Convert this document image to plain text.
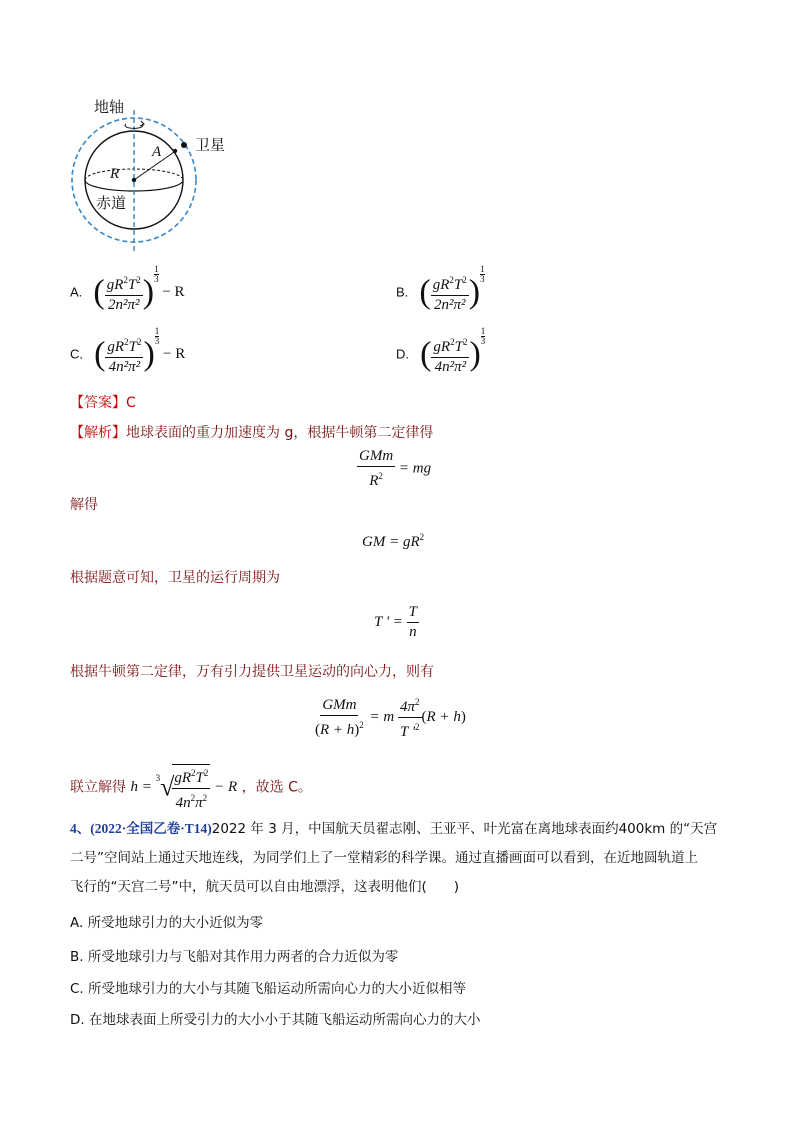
地轴
卫星
A
R
赤道
A. ( $\frac{gR^2T^2}{\text{2n²π²}}$ ) $\frac{1}{3}$
− R	B. ( $\frac{gR^2T^2}{\text{2n²π²}}$ ) $\frac{1}{3}$
C. ( $\frac{gR^2T^2}{\text{4n²π²}}$ ) $\frac{1}{3}$
− R	D. ( $\frac{gR^2T^2}{\text{4n²π²}}$ ) $\frac{1}{3}$
【答案】C
【解析】地球表面的重力加速度为 g，根据牛顿第二定律得
$\frac{\text{GMm}}{R^2}$ = mg
解得
GM = $gR^2$
根据题意可知，卫星的运行周期为
T ' = $\frac{T}{n}$
根据牛顿第二定律，万有引力提供卫星运动的向心力，则有
$\frac{\text{GMm}}{(R + h)^2} = m \frac{4\pi^2}{T '^2} (R + h)$
联立解得 h = $^3$√
$\frac{gR^2T^2}{4n^2\pi^2} - R$ ，故选 C。
4、(2022·全国乙卷·T14)2022 年 3 月，中国航天员翟志刚、王亚平、叶光富在离地球表面约400km 的“天宫
二号”空间站上通过天地连线，为同学们上了一堂精彩的科学课。通过直播画面可以看到，在近地圆轨道上
飞行的“天宫二号”中，航天员可以自由地漂浮，这表明他们(　　)
A. 所受地球引力的大小近似为零
B. 所受地球引力与飞船对其作用力两者的合力近似为零
C. 所受地球引力的大小与其随飞船运动所需向心力的大小近似相等
D. 在地球表面上所受引力的大小小于其随飞船运动所需向心力的大小
